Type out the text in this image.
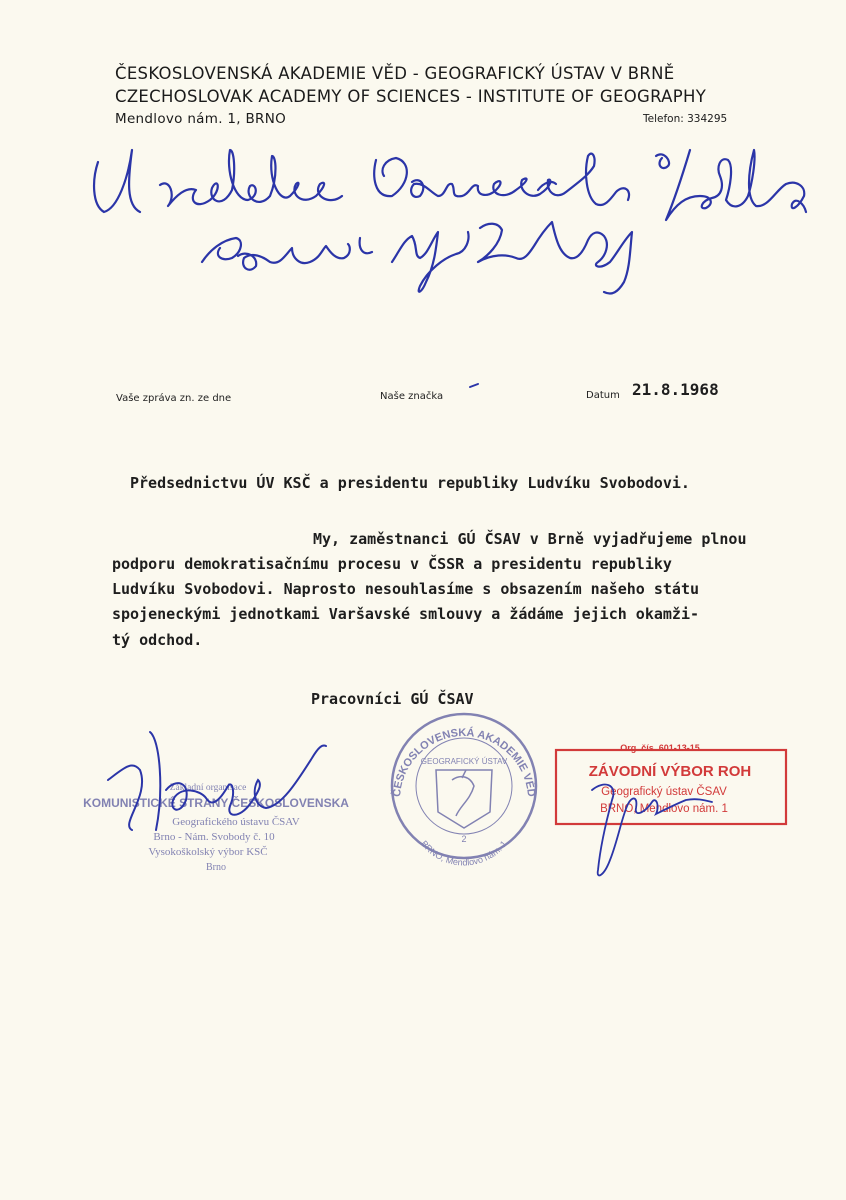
ČESKOSLOVENSKÁ AKADEMIE VĚD - GEOGRAFICKÝ ÚSTAV V BRNĚ
CZECHOSLOVAK ACADEMY OF SCIENCES - INSTITUTE OF GEOGRAPHY
Mendlovo nám. 1, BRNO	Telefon: 334295
Vaše zpráva zn. ze dne	Naše značka	Datum 21.8.1968
Předsednictvu ÚV KSČ a presidentu republiky Ludvíku Svobodovi.
My, zaměstnanci GÚ ČSAV v Brně vyjadřujeme plnou
podporu demokratisačnímu procesu v ČSSR a presidentu republiky
Ludvíku Svobodovi. Naprosto nesouhlasíme s obsazením našeho státu
spojeneckými jednotkami Varšavské smlouvy a žádáme jejich okamži-
tý odchod.
Pracovníci GÚ ČSAV
Základní organisace
KOMUNISTICKÉ STRANY ČESKOSLOVENSKA
Geografického ústavu ČSAV
Brno - Nám. Svobody č. 10
Vysokoškolský výbor KSČ
Brno
ČESKOSLOVENSKÁ AKADEMIE VĚD
BRNO, Mendlovo nám. 1
GEOGRAFICKÝ ÚSTAV
2
Org. čís. 601-13-15
ZÁVODNÍ VÝBOR ROH
Geografický ústav ČSAV
BRNO, Mendlovo nám. 1
